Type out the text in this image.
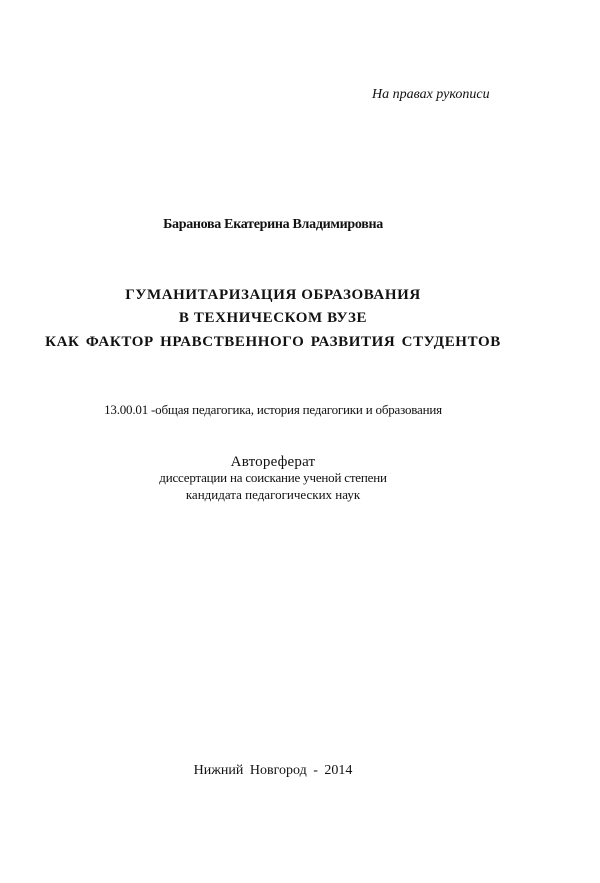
На правах рукописи
Баранова Екатерина Владимировна
ГУМАНИТАРИЗАЦИЯ ОБРАЗОВАНИЯ
В ТЕХНИЧЕСКОМ ВУЗЕ
КАК ФАКТОР НРАВСТВЕННОГО РАЗВИТИЯ СТУДЕНТОВ
13.00.01 -общая педагогика, история педагогики и образования
Автореферат
диссертации на соискание ученой степени
кандидата педагогических наук
Нижний Новгород - 2014
